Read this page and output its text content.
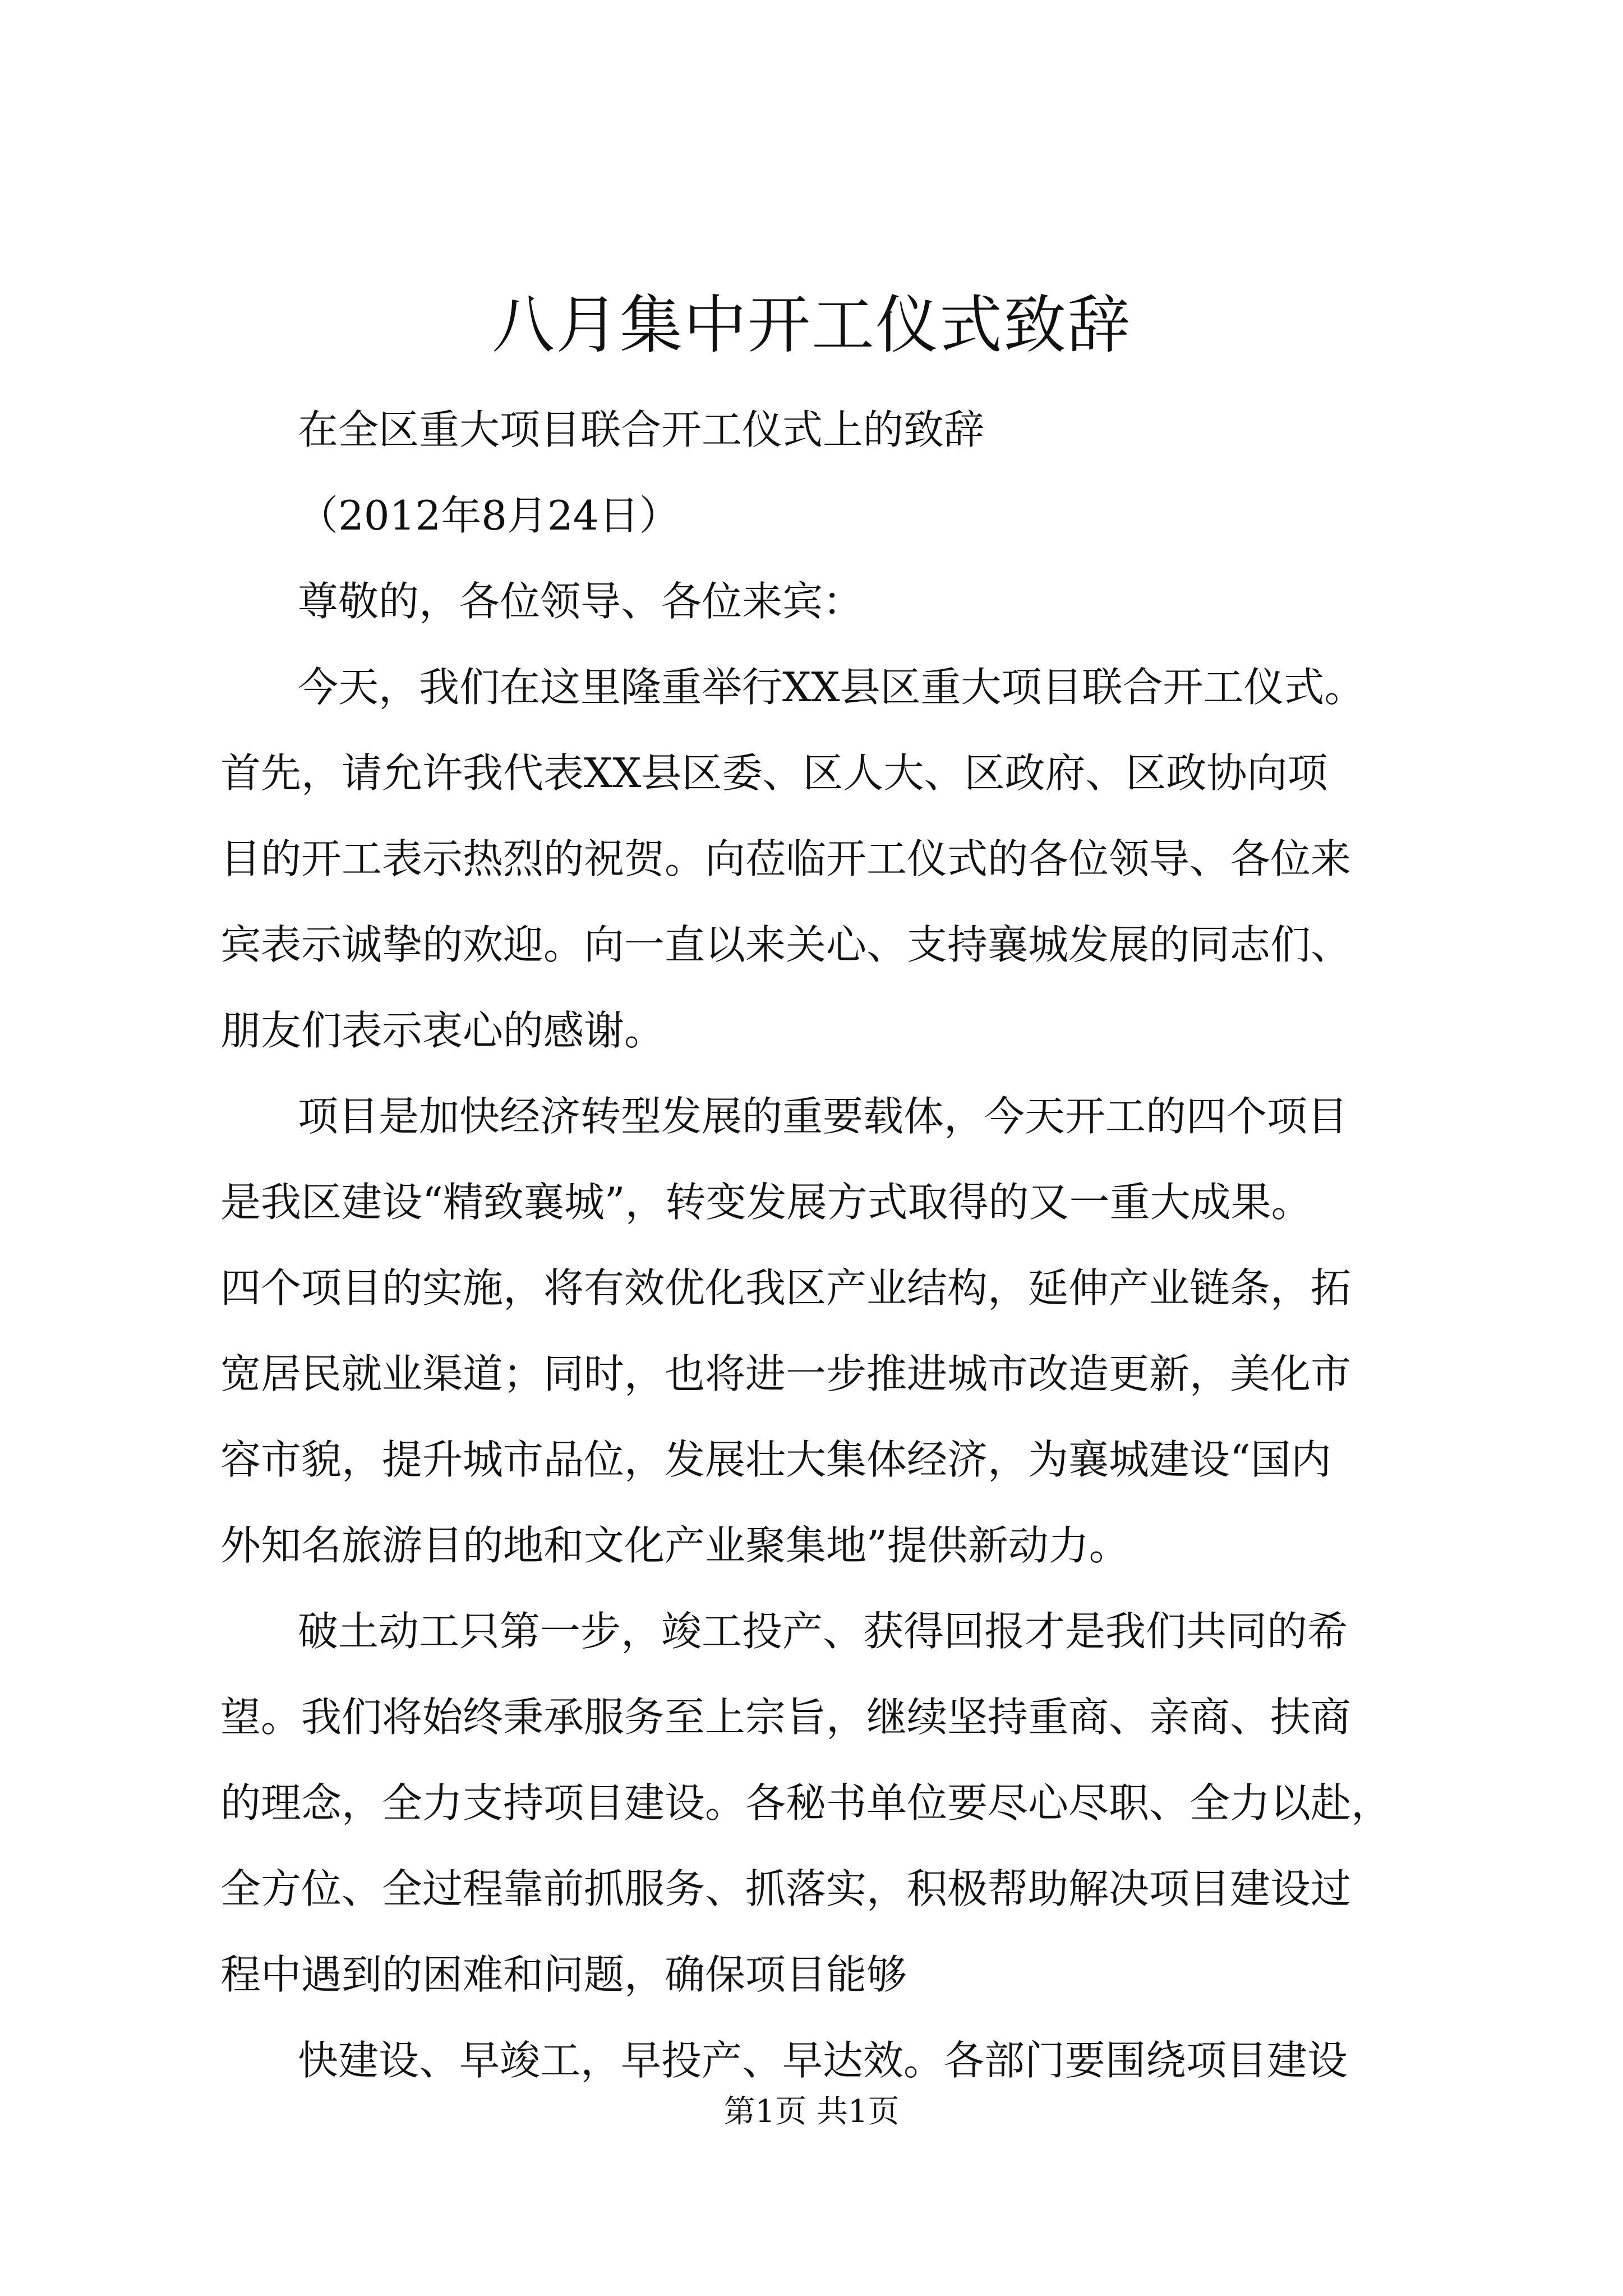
八月集中开工仪式致辞
在全区重大项目联合开工仪式上的致辞
（2012年8月24日）
尊敬的，各位领导、各位来宾：
今天，我们在这里隆重举行XX县区重大项目联合开工仪式。
首先，请允许我代表XX县区委、区人大、区政府、区政协向项
目的开工表示热烈的祝贺。向莅临开工仪式的各位领导、各位来
宾表示诚挚的欢迎。向一直以来关心、支持襄城发展的同志们、
朋友们表示衷心的感谢。
项目是加快经济转型发展的重要载体，今天开工的四个项目
是我区建设“精致襄城”，转变发展方式取得的又一重大成果。
四个项目的实施，将有效优化我区产业结构，延伸产业链条，拓
宽居民就业渠道；同时，也将进一步推进城市改造更新，美化市
容市貌，提升城市品位，发展壮大集体经济，为襄城建设“国内
外知名旅游目的地和文化产业聚集地”提供新动力。
破土动工只第一步，竣工投产、获得回报才是我们共同的希
望。我们将始终秉承服务至上宗旨，继续坚持重商、亲商、扶商
的理念，全力支持项目建设。各秘书单位要尽心尽职、全力以赴，
全方位、全过程靠前抓服务、抓落实，积极帮助解决项目建设过
程中遇到的困难和问题，确保项目能够
快建设、早竣工，早投产、早达效。各部门要围绕项目建设
第1页 共1页
